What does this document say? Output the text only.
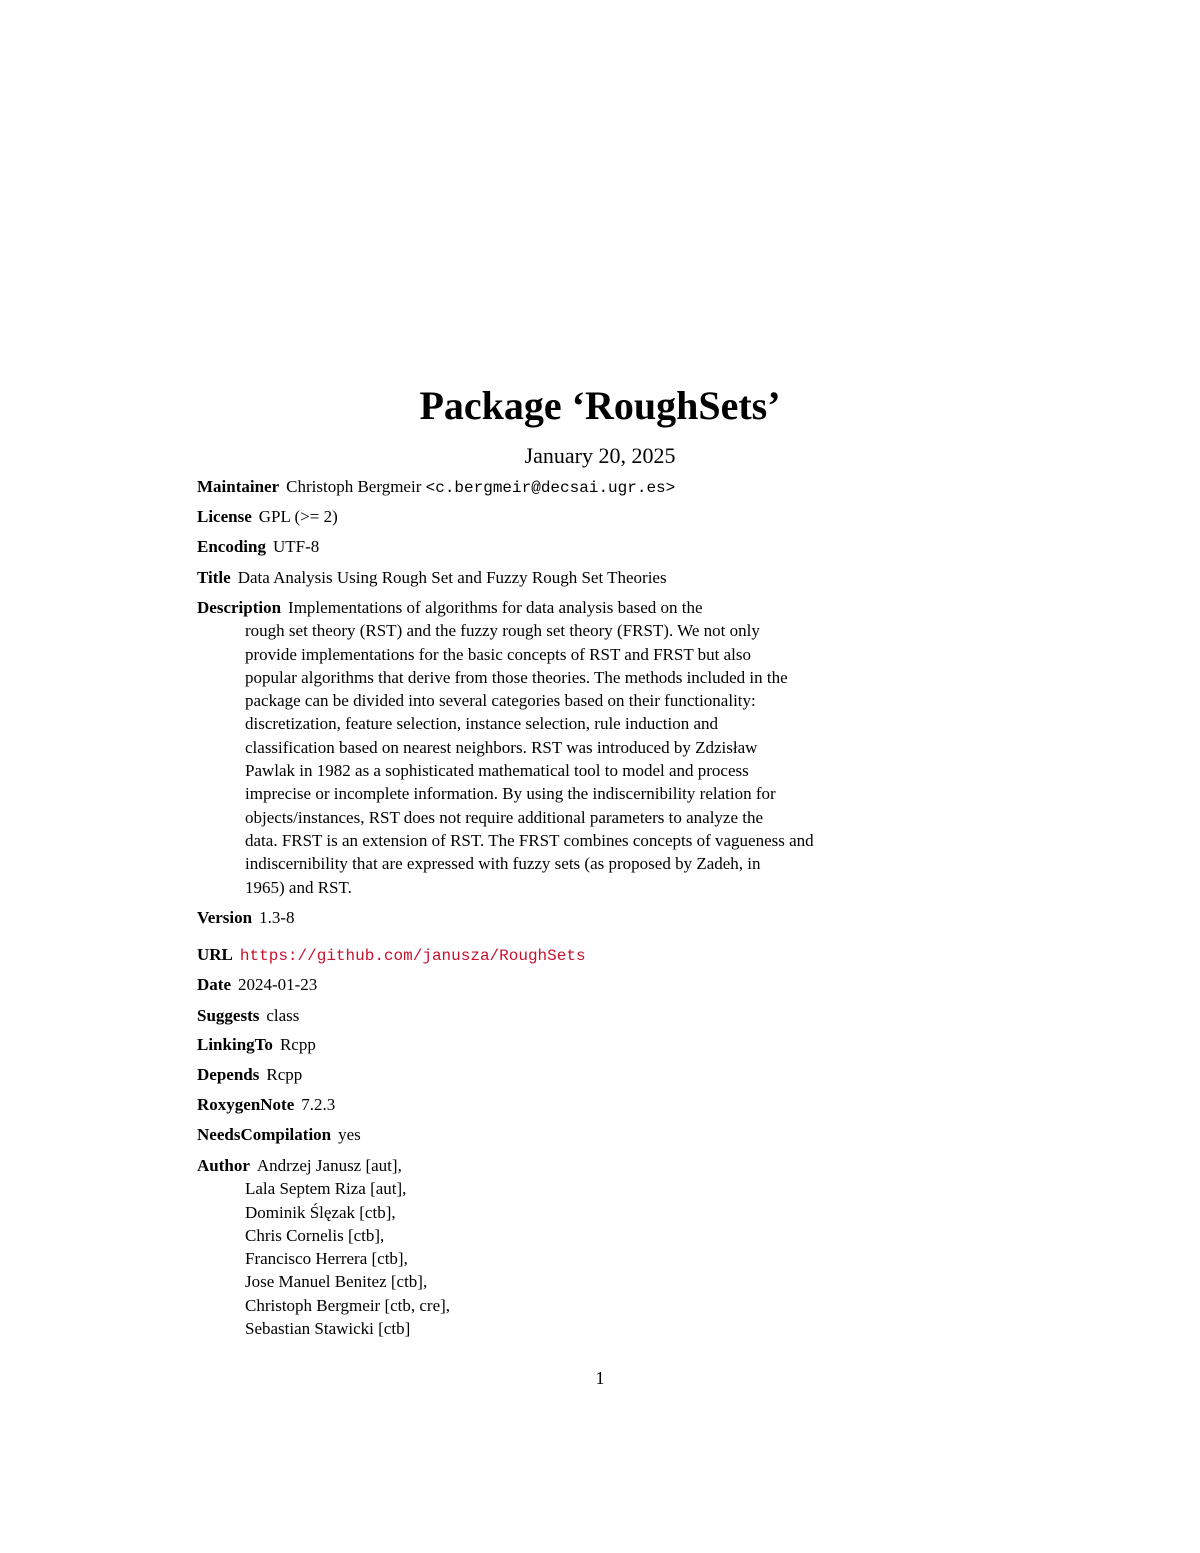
Package ‘RoughSets’
January 20, 2025
Maintainer Christoph Bergmeir <c.bergmeir@decsai.ugr.es>
License GPL (>= 2)
Encoding UTF-8
Title Data Analysis Using Rough Set and Fuzzy Rough Set Theories
Description Implementations of algorithms for data analysis based on the
rough set theory (RST) and the fuzzy rough set theory (FRST). We not only
provide implementations for the basic concepts of RST and FRST but also
popular algorithms that derive from those theories. The methods included in the
package can be divided into several categories based on their functionality:
discretization, feature selection, instance selection, rule induction and
classification based on nearest neighbors. RST was introduced by Zdzisław
Pawlak in 1982 as a sophisticated mathematical tool to model and process
imprecise or incomplete information. By using the indiscernibility relation for
objects/instances, RST does not require additional parameters to analyze the
data. FRST is an extension of RST. The FRST combines concepts of vagueness and
indiscernibility that are expressed with fuzzy sets (as proposed by Zadeh, in
1965) and RST.
Version 1.3-8
URL https://github.com/janusza/RoughSets
Date 2024-01-23
Suggests class
LinkingTo Rcpp
Depends Rcpp
RoxygenNote 7.2.3
NeedsCompilation yes
Author Andrzej Janusz [aut],
Lala Septem Riza [aut],
Dominik Ślęzak [ctb],
Chris Cornelis [ctb],
Francisco Herrera [ctb],
Jose Manuel Benitez [ctb],
Christoph Bergmeir [ctb, cre],
Sebastian Stawicki [ctb]
1
